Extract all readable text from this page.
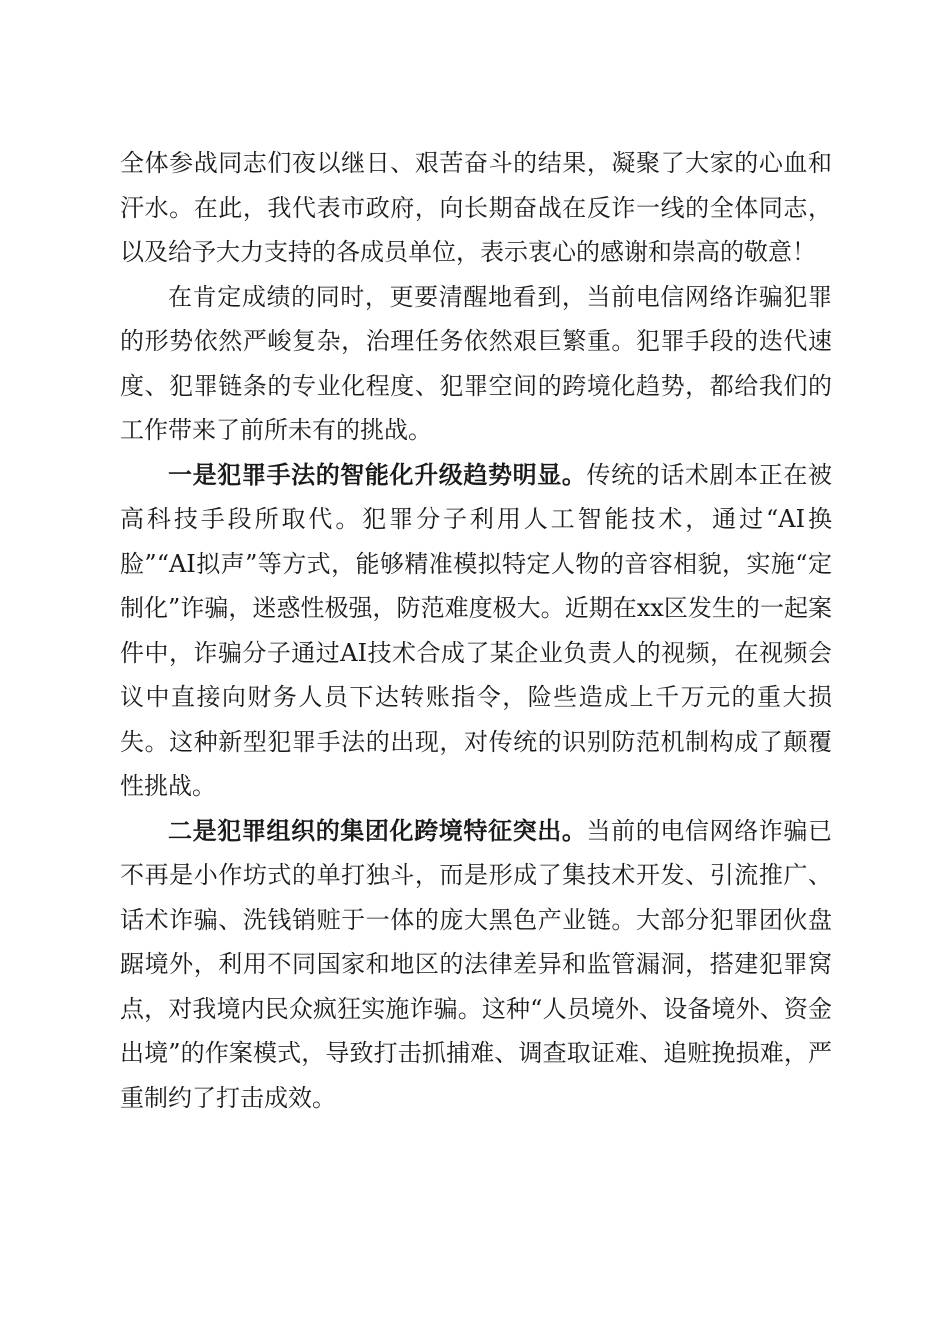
全体参战同志们夜以继日、艰苦奋斗的结果，凝聚了大家的心血和汗水。在此，我代表市政府，向长期奋战在反诈一线的全体同志，以及给予大力支持的各成员单位，表示衷心的感谢和崇高的敬意！

在肯定成绩的同时，更要清醒地看到，当前电信网络诈骗犯罪的形势依然严峻复杂，治理任务依然艰巨繁重。犯罪手段的迭代速度、犯罪链条的专业化程度、犯罪空间的跨境化趋势，都给我们的工作带来了前所未有的挑战。

一是犯罪手法的智能化升级趋势明显。传统的话术剧本正在被高科技手段所取代。犯罪分子利用人工智能技术，通过“AI换脸”“AI拟声”等方式，能够精准模拟特定人物的音容相貌，实施“定制化”诈骗，迷惑性极强，防范难度极大。近期在xx区发生的一起案件中，诈骗分子通过AI技术合成了某企业负责人的视频，在视频会议中直接向财务人员下达转账指令，险些造成上千万元的重大损失。这种新型犯罪手法的出现，对传统的识别防范机制构成了颠覆性挑战。

二是犯罪组织的集团化跨境特征突出。当前的电信网络诈骗已不再是小作坊式的单打独斗，而是形成了集技术开发、引流推广、话术诈骗、洗钱销赃于一体的庞大黑色产业链。大部分犯罪团伙盘踞境外，利用不同国家和地区的法律差异和监管漏洞，搭建犯罪窝点，对我境内民众疯狂实施诈骗。这种“人员境外、设备境外、资金出境”的作案模式，导致打击抓捕难、调查取证难、追赃挽损难，严重制约了打击成效。
